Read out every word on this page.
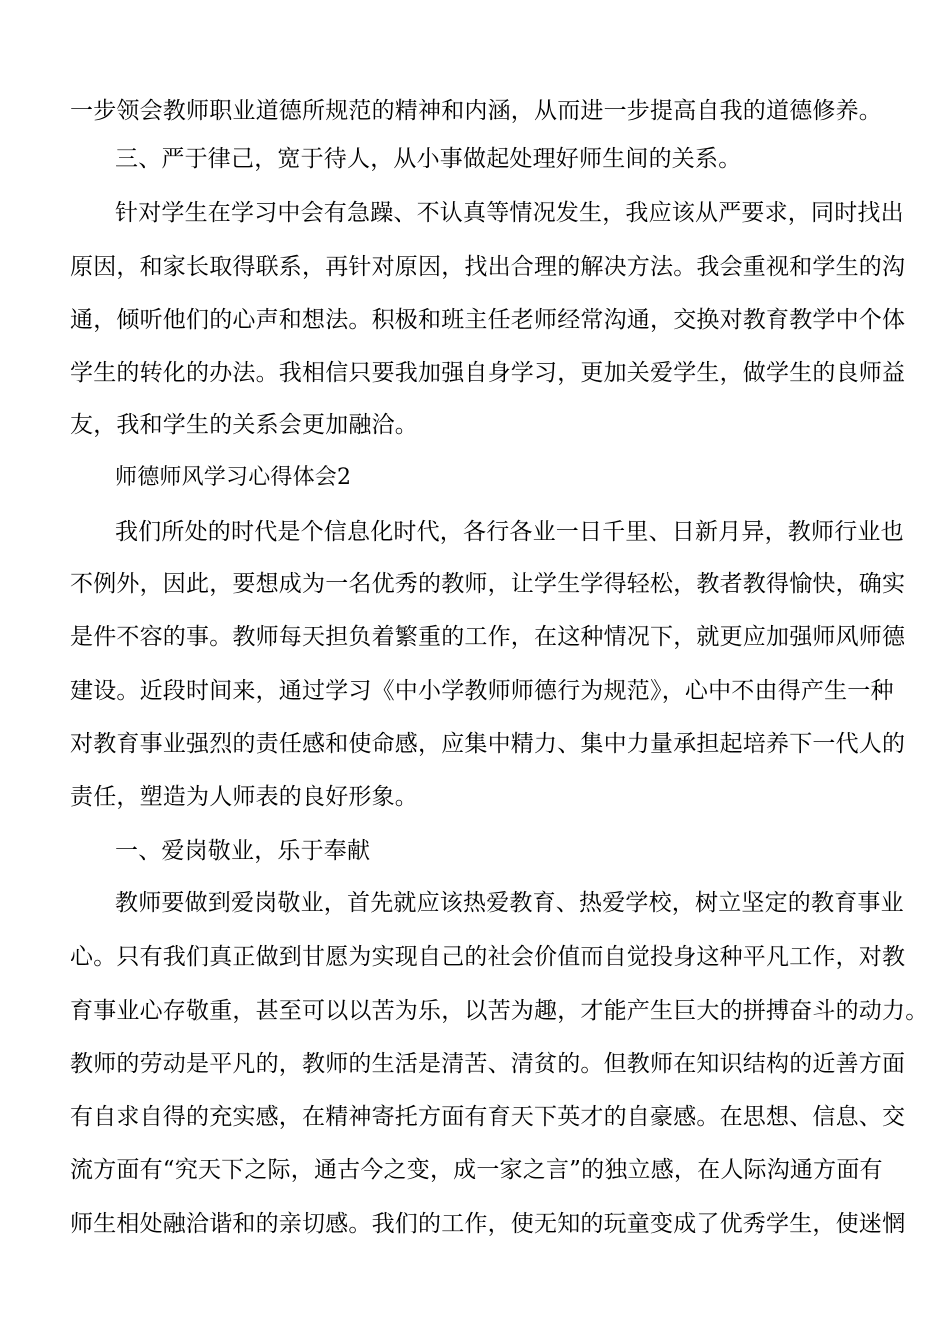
一步领会教师职业道德所规范的精神和内涵，从而进一步提高自我的道德修养。
三、严于律己，宽于待人，从小事做起处理好师生间的关系。
针对学生在学习中会有急躁、不认真等情况发生，我应该从严要求，同时找出
原因，和家长取得联系，再针对原因，找出合理的解决方法。我会重视和学生的沟
通，倾听他们的心声和想法。积极和班主任老师经常沟通，交换对教育教学中个体
学生的转化的办法。我相信只要我加强自身学习，更加关爱学生，做学生的良师益
友，我和学生的关系会更加融洽。
师德师风学习心得体会2
我们所处的时代是个信息化时代，各行各业一日千里、日新月异，教师行业也
不例外，因此，要想成为一名优秀的教师，让学生学得轻松，教者教得愉快，确实
是件不容的事。教师每天担负着繁重的工作，在这种情况下，就更应加强师风师德
建设。近段时间来，通过学习《中小学教师师德行为规范》，心中不由得产生一种
对教育事业强烈的责任感和使命感，应集中精力、集中力量承担起培养下一代人的
责任，塑造为人师表的良好形象。
一、爱岗敬业，乐于奉献
教师要做到爱岗敬业，首先就应该热爱教育、热爱学校，树立坚定的教育事业
心。只有我们真正做到甘愿为实现自己的社会价值而自觉投身这种平凡工作，对教
育事业心存敬重，甚至可以以苦为乐，以苦为趣，才能产生巨大的拼搏奋斗的动力。
教师的劳动是平凡的，教师的生活是清苦、清贫的。但教师在知识结构的近善方面
有自求自得的充实感，在精神寄托方面有育天下英才的自豪感。在思想、信息、交
流方面有“究天下之际，通古今之变，成一家之言”的独立感，在人际沟通方面有
师生相处融洽谐和的亲切感。我们的工作，使无知的玩童变成了优秀学生，使迷惘
